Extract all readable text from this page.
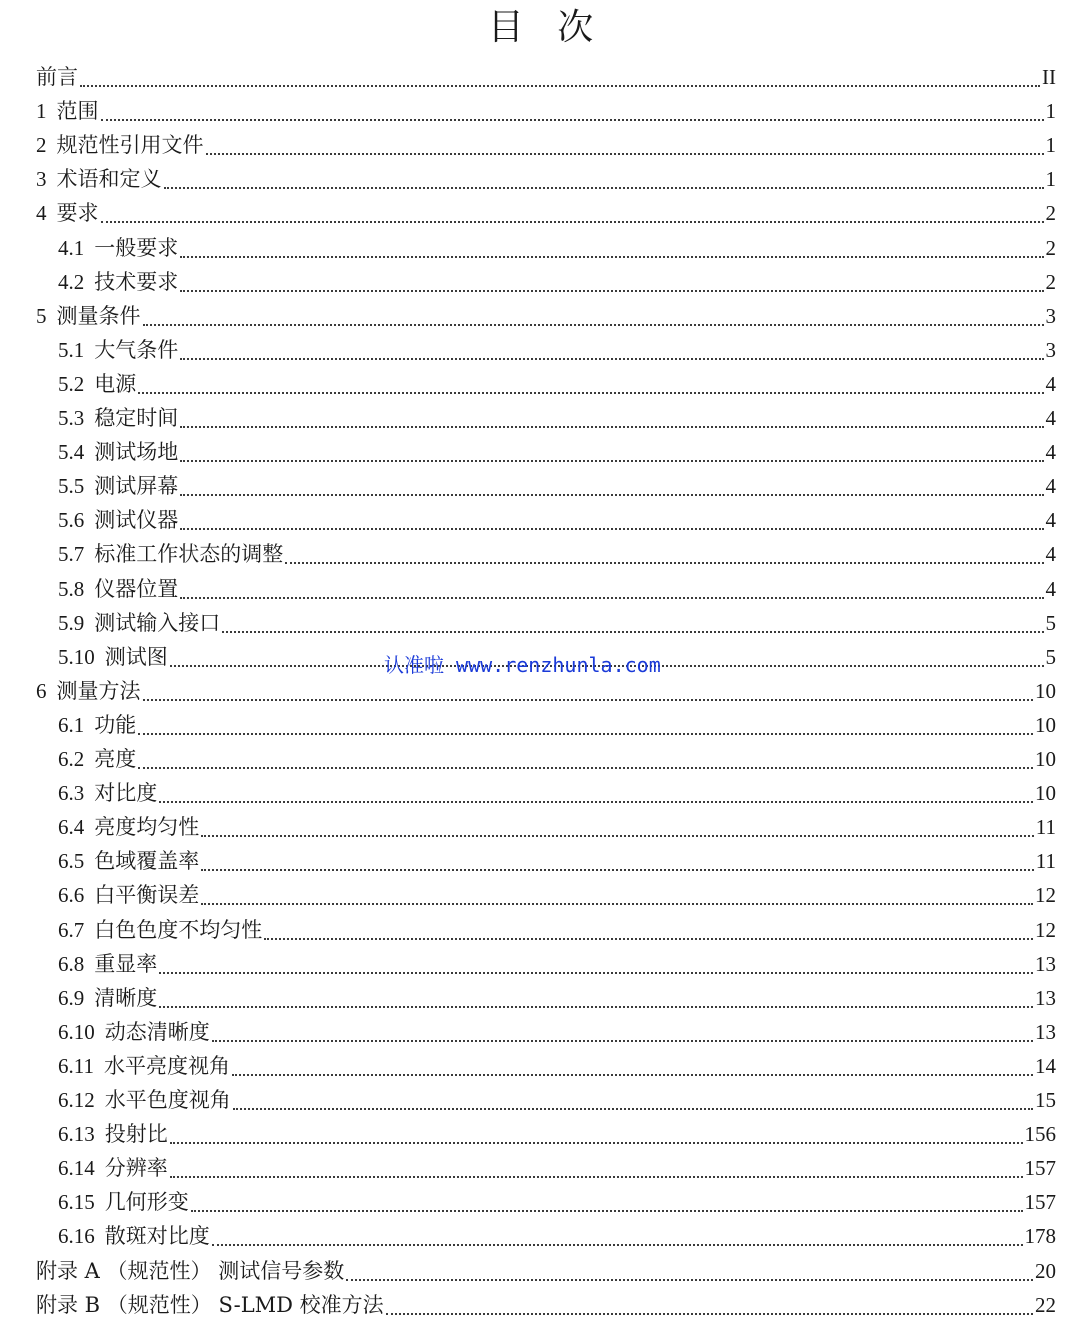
目 次
前言	II
1 范围	1
2 规范性引用文件	1
3 术语和定义	1
4 要求	2
4.1 一般要求	2
4.2 技术要求	2
5 测量条件	3
5.1 大气条件	3
5.2 电源	4
5.3 稳定时间	4
5.4 测试场地	4
5.5 测试屏幕	4
5.6 测试仪器	4
5.7 标准工作状态的调整	4
5.8 仪器位置	4
5.9 测试输入接口	5
5.10 测试图	5
6 测量方法	10
6.1 功能	10
6.2 亮度	10
6.3 对比度	10
6.4 亮度均匀性	11
6.5 色域覆盖率	11
6.6 白平衡误差	12
6.7 白色色度不均匀性	12
6.8 重显率	13
6.9 清晰度	13
6.10 动态清晰度	13
6.11 水平亮度视角	14
6.12 水平色度视角	15
6.13 投射比	156
6.14 分辨率	157
6.15 几何形变	157
6.16 散斑对比度	178
附录 A （规范性） 测试信号参数	20
附录 B （规范性） S-LMD 校准方法	22
认准啦 www.renzhunla.com
